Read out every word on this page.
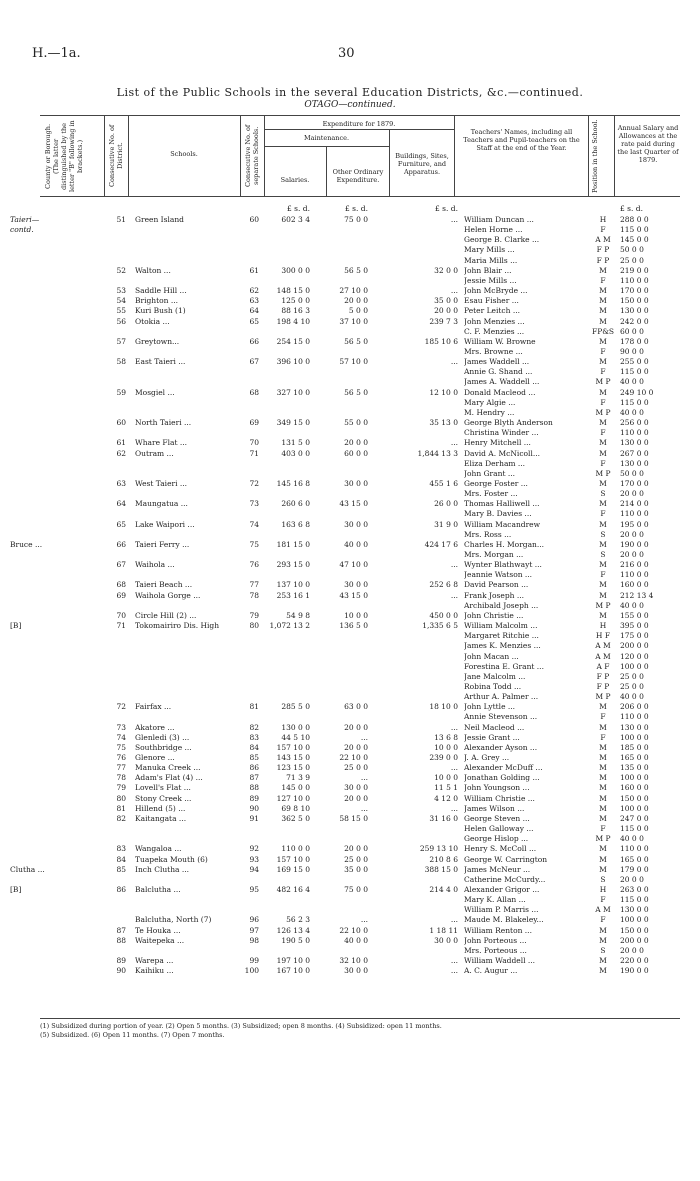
H.—1a.	30
List of the Public Schools in the several Education Districts, &c.—continued.
OTAGO—continued.
County or Borough. (The latter distinguished by the letter "B" following in brackets.)	Consecutive No. of District.	Schools.	Consecutive No. of separate Schools.
Expenditure for 1879.
Maintenance.
Salaries.
Other Ordinary Expenditure.
Buildings, Sites, Furniture, and Apparatus.
Teachers' Names, including all Teachers and Pupil-teachers on the Staff at the end of the Year.	Position in the School.	Annual Salary and Allowances at the rate paid during the last Quarter of 1879.
£ s. d.	£ s. d.	£ s. d.	£ s. d.
Taieri—	51 Green Island	60	602 3 4	75 0 0	... William Duncan ...	H	288 0 0
contd.	Helen Horne ...	F	115 0 0
George B. Clarke ...	A M	145 0 0
Mary Mills ...	F P	50 0 0
Maria Mills ...	F P	25 0 0
52 Walton ...	61	300 0 0	56 5 0	32 0 0 John Blair ...	M	219 0 0
Jessie Mills ...	F	110 0 0
53 Saddle Hill ...	62	148 15 0	27 10 0	... John McBryde ...	M	170 0 0
54 Brighton ...	63	125 0 0	20 0 0	35 0 0 Esau Fisher ...	M	150 0 0
55 Kuri Bush (1)	64	88 16 3	5 0 0	20 0 0 Peter Leitch ...	M	130 0 0
56 Otokia ...	65	198 4 10	37 10 0	239 7 3 John Menzies ...	M	242 0 0
C. F. Menzies ...	FP&S 60 0 0
57 Greytown...	66	254 15 0	56 5 0	185 10 6 William W. Browne	M	178 0 0
Mrs. Browne ...	F	90 0 0
58 East Taieri ...	67	396 10 0	57 10 0	... James Waddell ...	M	255 0 0
Annie G. Shand ...	F	115 0 0
James A. Waddell ...	M P	40 0 0
59 Mosgiel ...	68	327 10 0	56 5 0	12 10 0 Donald Macleod ...	M	249 10 0
Mary Algie ...	F	115 0 0
M. Hendry ...	M P	40 0 0
60 North Taieri ...	69	349 15 0	55 0 0	35 13 0 George Blyth Anderson	M	256 0 0
Christina Winder ...	F	110 0 0
61 Whare Flat ...	70	131 5 0	20 0 0	... Henry Mitchell ...	M	130 0 0
62 Outram ...	71	403 0 0	60 0 0	1,844 13 3 David A. McNicoll...	M	267 0 0
Eliza Derham ...	F	130 0 0
John Grant ...	M P	50 0 0
63 West Taieri ...	72	145 16 8	30 0 0	455 1 6 George Foster ...	M	170 0 0
Mrs. Foster ...	S	20 0 0
64 Maungatua ...	73	260 6 0	43 15 0	26 0 0 Thomas Halliwell ...	M	214 0 0
Mary B. Davies ...	F	110 0 0
65 Lake Waipori ...	74	163 6 8	30 0 0	31 9 0 William Macandrew	M	195 0 0
Mrs. Ross ...	S	20 0 0
Bruce ...	66 Taieri Ferry ...	75	181 15 0	40 0 0	424 17 6 Charles H. Morgan...	M	190 0 0
Mrs. Morgan ...	S	20 0 0
67 Waihola ...	76	293 15 0	47 10 0	... Wynter Blathwayt ...	M	216 0 0
Jeannie Watson ...	F	110 0 0
68 Taieri Beach ...	77	137 10 0	30 0 0	252 6 8 David Pearson ...	M	160 0 0
69 Waihola Gorge ...	78	253 16 1	43 15 0	... Frank Joseph ...	M	212 13 4
Archibald Joseph ...	M P	40 0 0
70 Circle Hill (2) ...	79	54 9 8	10 0 0	450 0 0 John Christie ...	M	155 0 0
[B]	71 Tokomairiro Dis. High	80	1,072 13 2	136 5 0	1,335 6 5 William Malcolm ...	H	395 0 0
Margaret Ritchie ...	H F	175 0 0
James K. Menzies ...	A M	200 0 0
John Macan ...	A M	120 0 0
Forestina E. Grant ...	A F	100 0 0
Jane Malcolm ...	F P	25 0 0
Robina Todd ...	F P	25 0 0
Arthur A. Palmer ...	M P	40 0 0
72 Fairfax ...	81	285 5 0	63 0 0	18 10 0 John Lyttle ...	M	206 0 0
Annie Stevenson ...	F	110 0 0
73 Akatore ...	82	130 0 0	20 0 0	... Neil Macleod ...	M	130 0 0
74 Glenledi (3) ...	83	44 5 10	...	13 6 8 Jessie Grant ...	F	100 0 0
75 Southbridge ...	84	157 10 0	20 0 0	10 0 0 Alexander Ayson ...	M	185 0 0
76 Glenore ...	85	143 15 0	22 10 0	239 0 0 J. A. Grey ...	M	165 0 0
77 Manuka Creek ...	86	123 15 0	25 0 0	... Alexander McDuff ...	M	135 0 0
78 Adam's Flat (4) ...	87	71 3 9	...	10 0 0 Jonathan Golding ...	M	100 0 0
79 Lovell's Flat ...	88	145 0 0	30 0 0	11 5 1 John Youngson ...	M	160 0 0
80 Stony Creek ...	89	127 10 0	20 0 0	4 12 0 William Christie ...	M	150 0 0
81 Hillend (5) ...	90	69 8 10	...	... James Wilson ...	M	100 0 0
82 Kaitangata ...	91	362 5 0	58 15 0	31 16 0 George Steven ...	M	247 0 0
Helen Galloway ...	F	115 0 0
George Hislop ...	M P	40 0 0
83 Wangaloa ...	92	110 0 0	20 0 0	259 13 10 Henry S. McColl ...	M	110 0 0
84 Tuapeka Mouth (6)	93	157 10 0	25 0 0	210 8 6 George W. Carrington	M	165 0 0
Clutha ...	85 Inch Clutha ...	94	169 15 0	35 0 0	388 15 0 James McNeur ...	M	179 0 0
Catherine McCurdy...	S	20 0 0
[B]	86 Balclutha ...	95	482 16 4	75 0 0	214 4 0 Alexander Grigor ...	H	263 0 0
Mary K. Allan ...	F	115 0 0
William P. Marris ...	A M	130 0 0
Balclutha, North (7)	96	56 2 3	...	... Maude M. Blakeley...	F	100 0 0
87 Te Houka ...	97	126 13 4	22 10 0	1 18 11 William Renton ...	M	150 0 0
88 Waitepeka ...	98	190 5 0	40 0 0	30 0 0 John Porteous ...	M	200 0 0
Mrs. Porteous ...	S	20 0 0
89 Warepa ...	99	197 10 0	32 10 0	... William Waddell ...	M	220 0 0
90 Kaihiku ...	100	167 10 0	30 0 0	... A. C. Augur ...	M	190 0 0
(1) Subsidized during portion of year. (2) Open 5 months. (3) Subsidized; open 8 months. (4) Subsidized: open 11 months.
(5) Subsidized. (6) Open 11 months. (7) Open 7 months.
